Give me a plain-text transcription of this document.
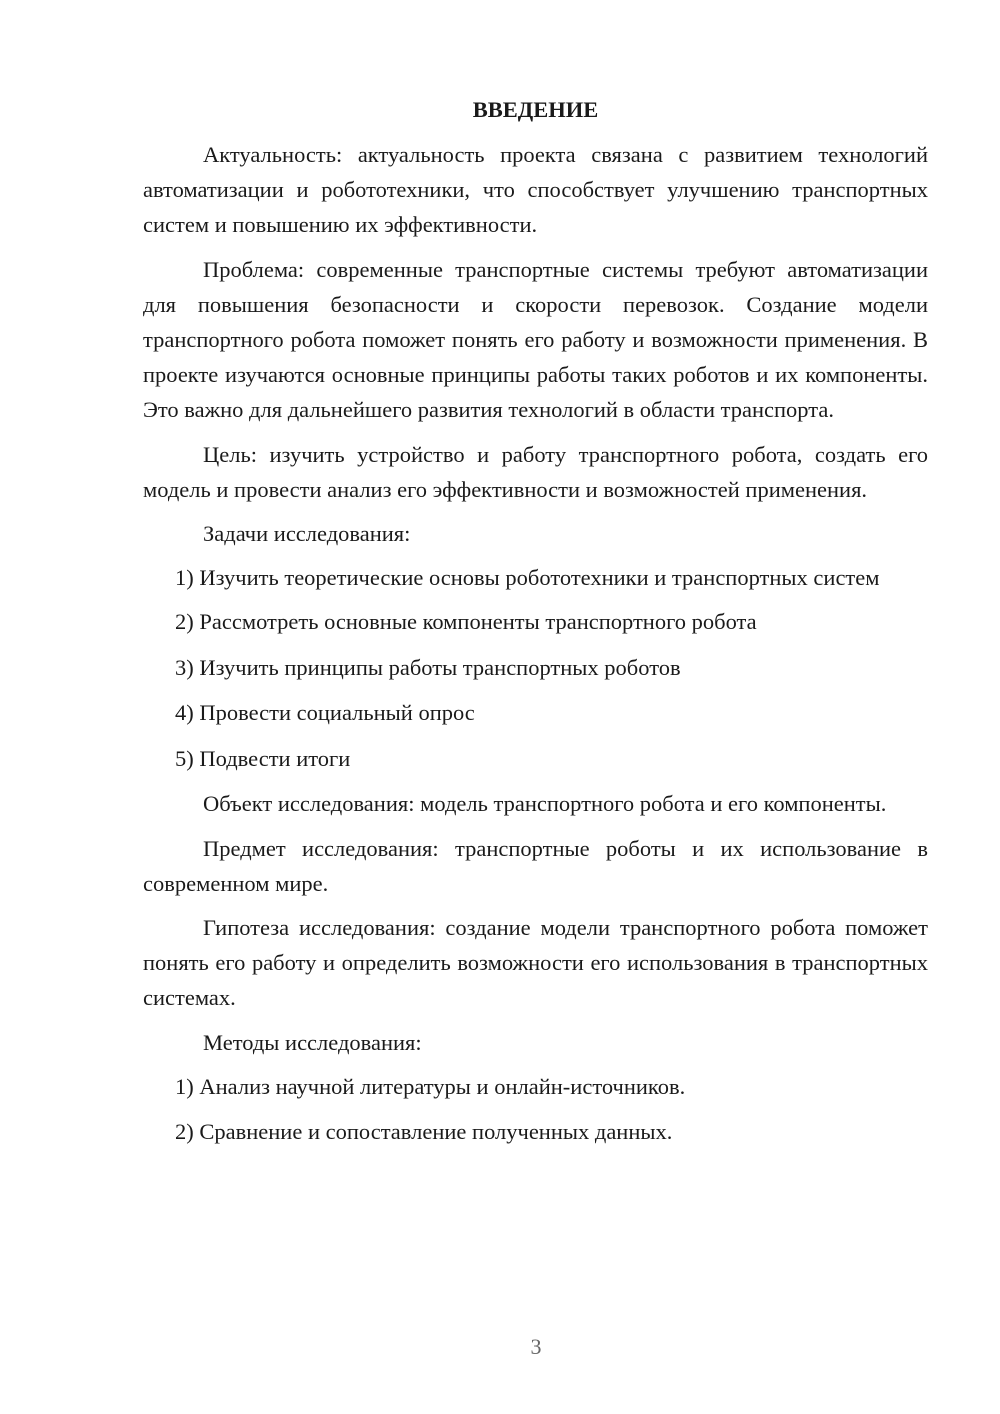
ВВЕДЕНИЕ

Актуальность: актуальность проекта связана с развитием технологий автоматизации и робототехники, что способствует улучшению транспортных систем и повышению их эффективности.

Проблема: современные транспортные системы требуют автоматизации для повышения безопасности и скорости перевозок. Создание модели транспортного робота поможет понять его работу и возможности применения. В проекте изучаются основные принципы работы таких роботов и их компоненты. Это важно для дальнейшего развития технологий в области транспорта.

Цель: изучить устройство и работу транспортного робота, создать его модель и провести анализ его эффективности и возможностей применения.

Задачи исследования:

1) Изучить теоретические основы робототехники и транспортных систем

2) Рассмотреть основные компоненты транспортного робота

3) Изучить принципы работы транспортных роботов

4) Провести социальный опрос

5) Подвести итоги

Объект исследования: модель транспортного робота и его компоненты.

Предмет исследования: транспортные роботы и их использование в современном мире.

Гипотеза исследования: создание модели транспортного робота поможет понять его работу и определить возможности его использования в транспортных системах.

Методы исследования:

1) Анализ научной литературы и онлайн-источников.

2) Сравнение и сопоставление полученных данных.

3
